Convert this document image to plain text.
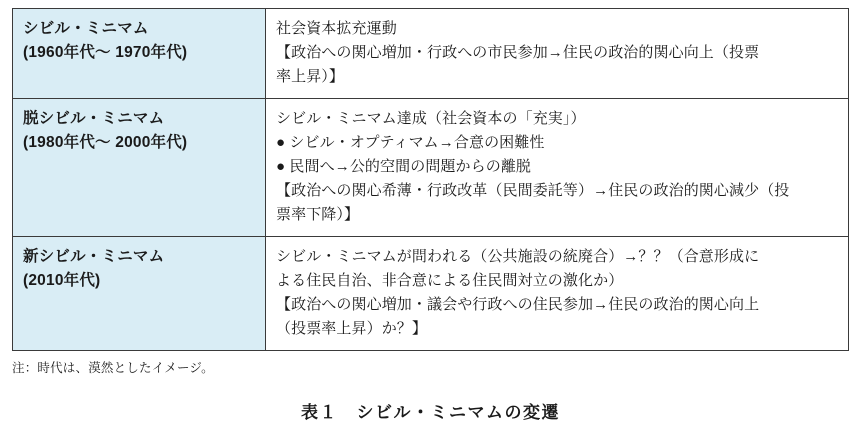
シビル・ミニマム
(1960年代〜 1970年代)	社会資本拡充運動
【政治への関心増加・行政への市民参加→住民の政治的関心向上（投票
率上昇）】

脱シビル・ミニマム
(1980年代〜 2000年代)	シビル・ミニマム達成（社会資本の「充実」）
● シビル・オプティマム→合意の困難性
● 民間へ→公的空間の問題からの離脱
【政治への関心希薄・行政改革（民間委託等）→住民の政治的関心減少（投
票率下降）】

新シビル・ミニマム
(2010年代)	シビル・ミニマムが問われる（公共施設の統廃合）→？？（合意形成に
よる住民自治、非合意による住民間対立の激化か）
【政治への関心増加・議会や行政への住民参加→住民の政治的関心向上
（投票率上昇）か？】
注：時代は、漠然としたイメージ。
表１　シビル・ミニマムの変遷
